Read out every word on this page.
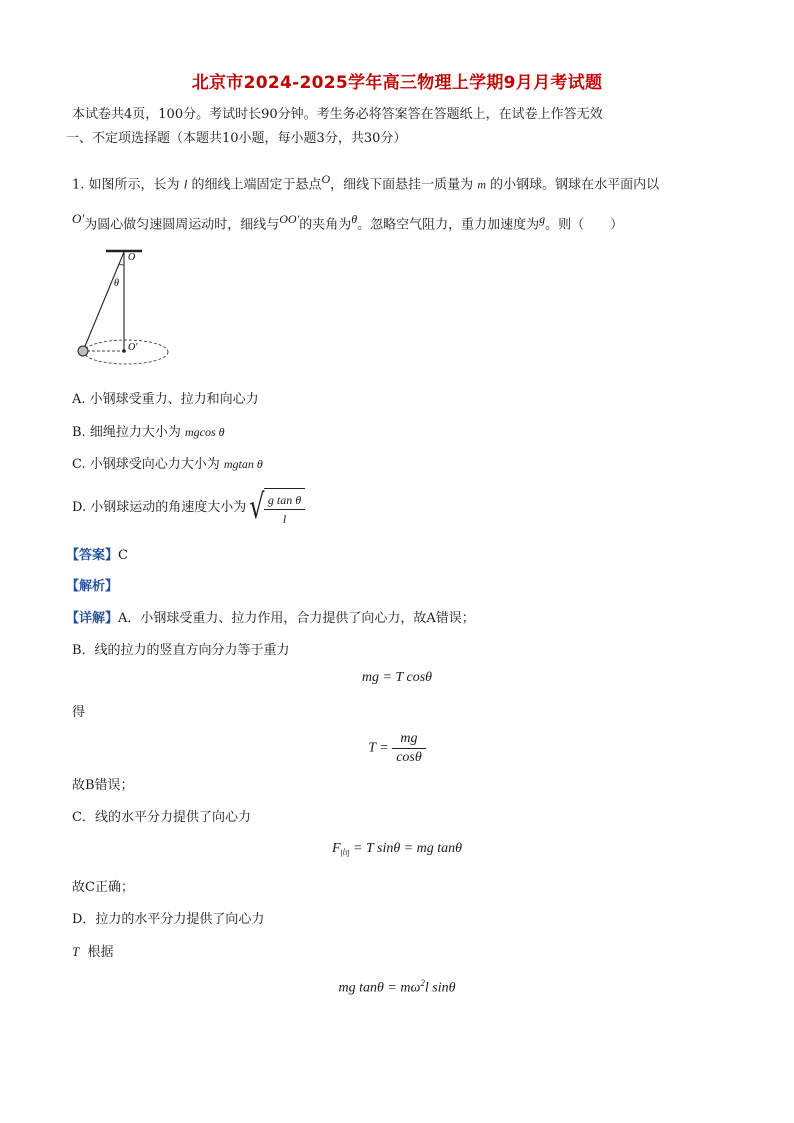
北京市2024-2025学年高三物理上学期9月月考试题
本试卷共4页，100分。考试时长90分钟。考生务必将答案答在答题纸上，在试卷上作答无效
一、不定项选择题（本题共10小题，每小题3分，共30分）
1. 如图所示，长为 l 的细线上端固定于悬点$^O$，细线下面悬挂一质量为 m 的小钢球。钢球在水平面内以
$^{O'}$为圆心做匀速圆周运动时，细线与$^{OO'}$的夹角为$^\theta$。忽略空气阻力，重力加速度为$^g$。则（　　）
O
θ
O′
A. 小钢球受重力、拉力和向心力
B. 细绳拉力大小为 mgcos θ
C. 小钢球受向心力大小为 mgtan θ
D. 小钢球运动的角速度大小为 √ $\frac{\text{g tan θ}}{l}$
【答案】C
【解析】
【详解】A．小钢球受重力、拉力作用，合力提供了向心力，故A错误；
B．线的拉力的竖直方向分力等于重力
mg = T cosθ
得
$T = \frac{mg}{\cos\theta}$
故B错误；
C．线的水平分力提供了向心力
$F_向 = T$ sinθ = mg tanθ
故C正确；
D．拉力的水平分力提供了向心力
T 根据
mg $\tan\theta = m\omega^2l$ sinθ
